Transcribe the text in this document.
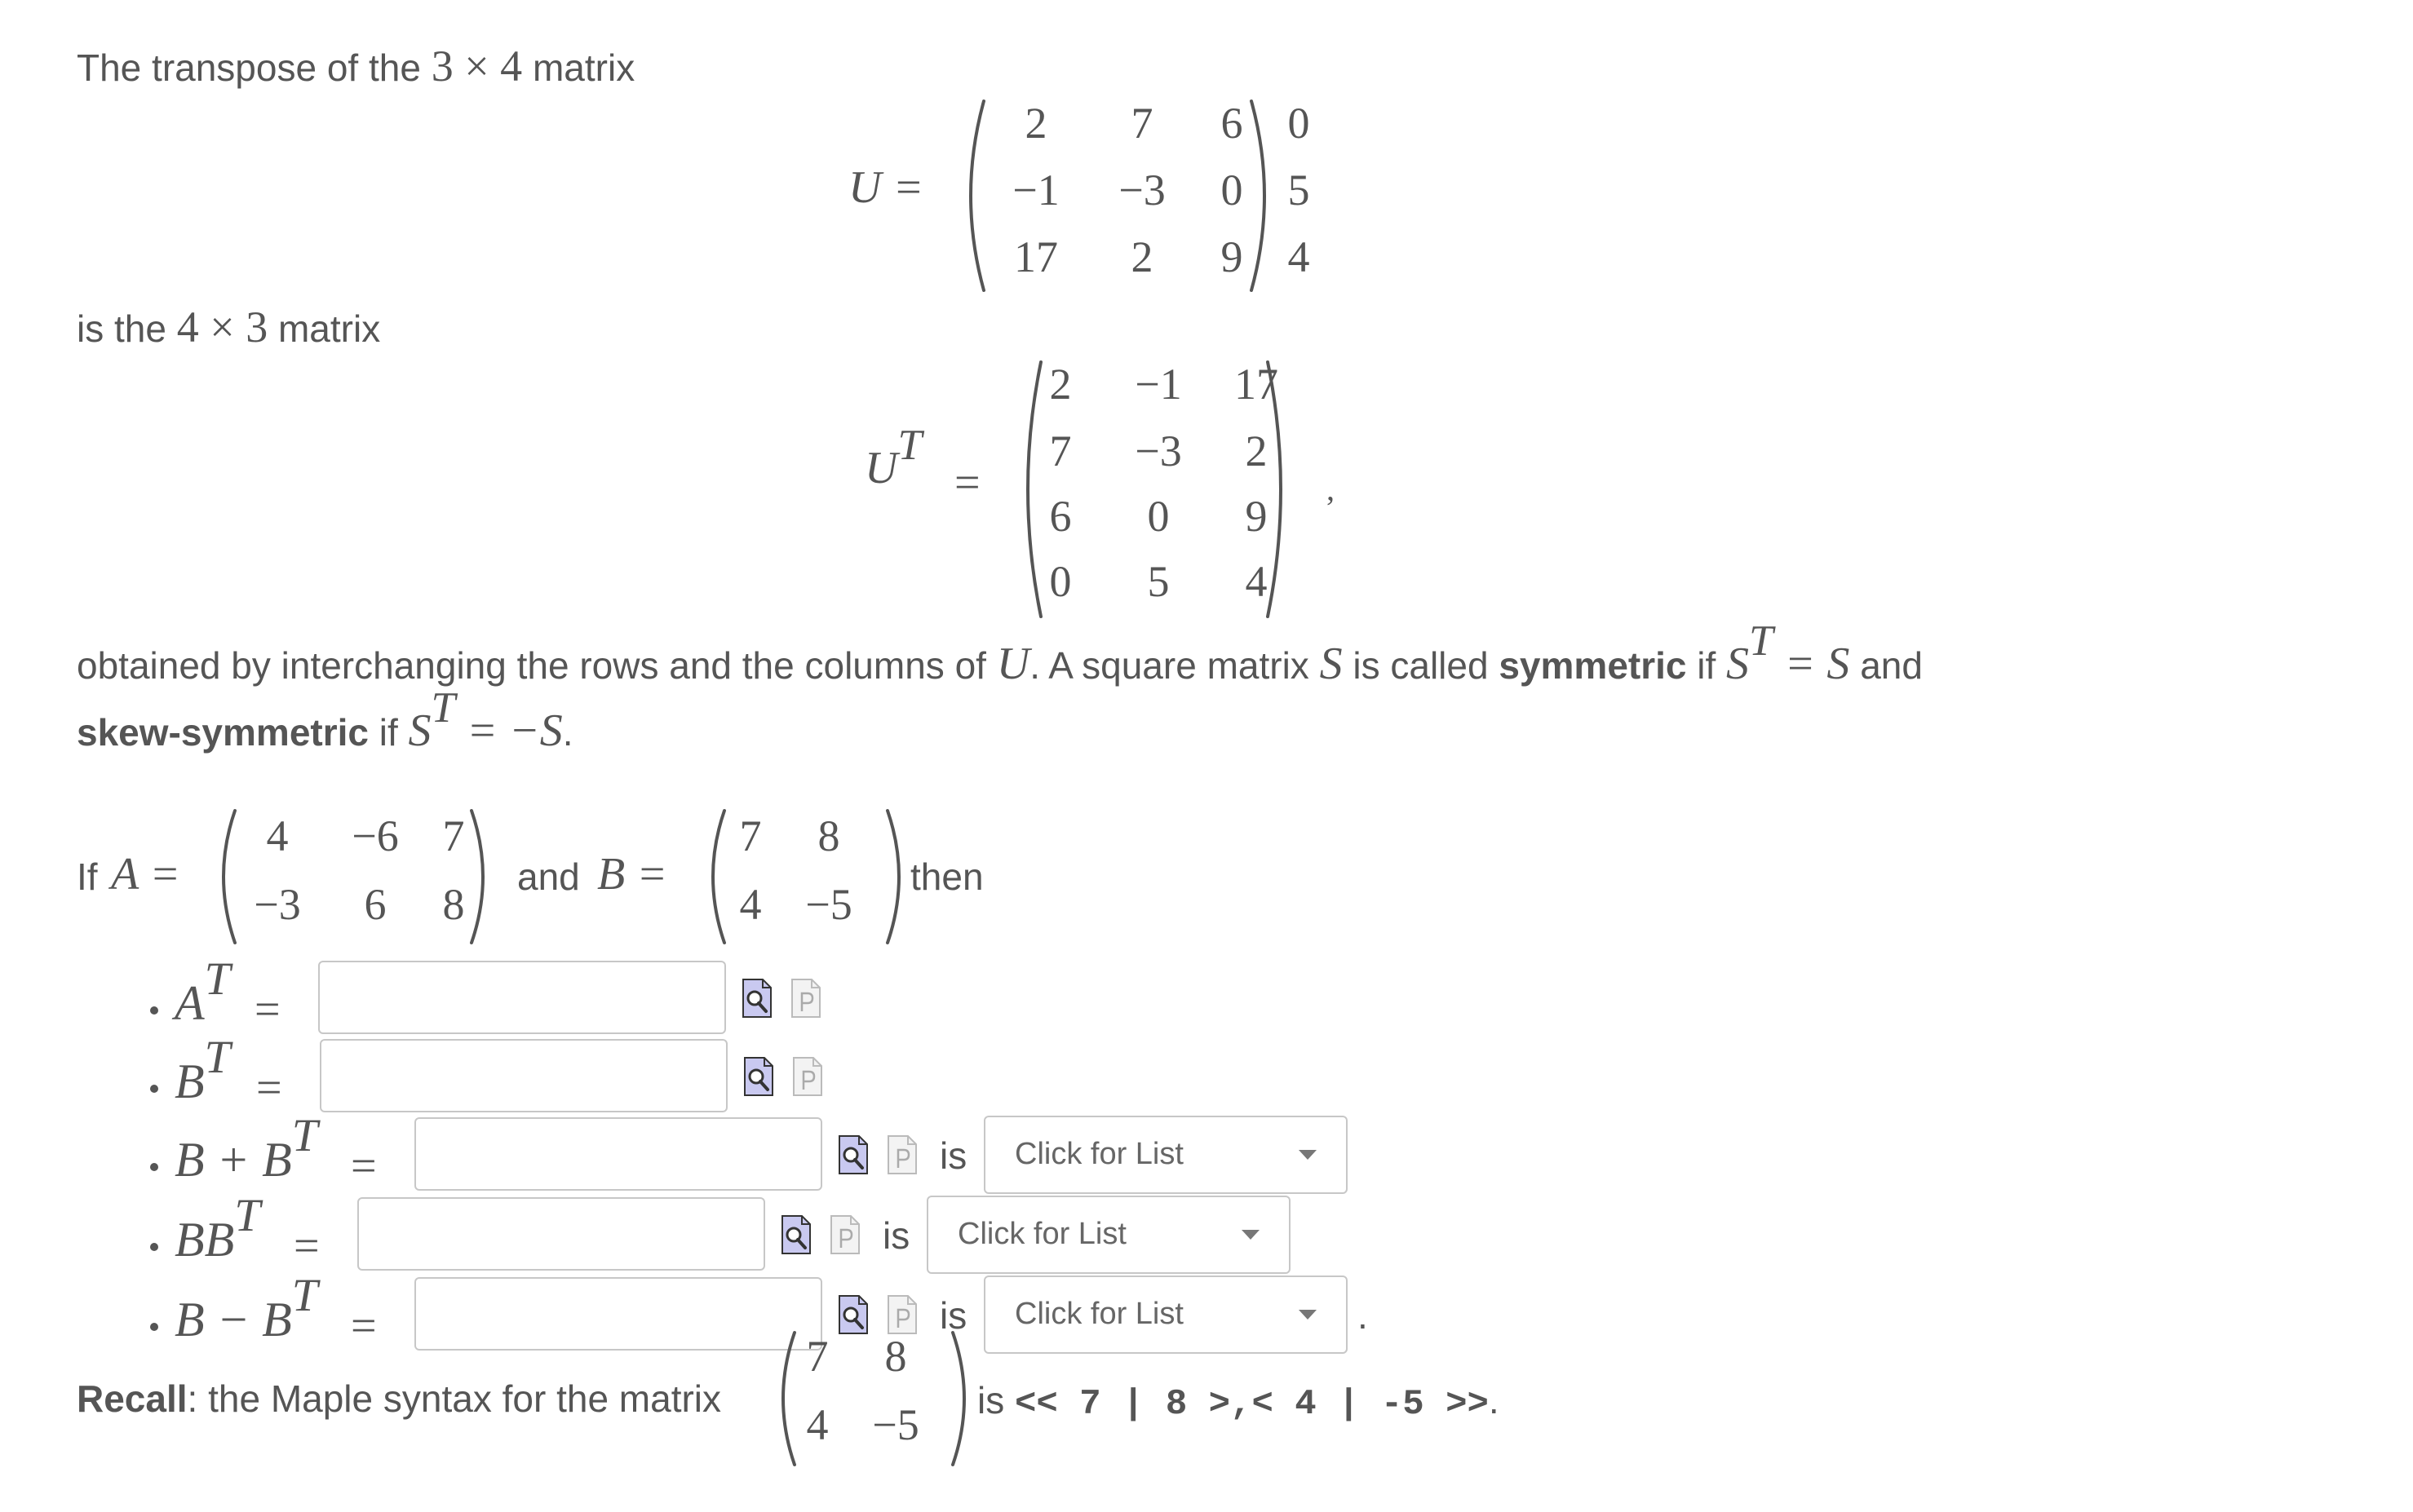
The transpose of the 3 × 4 matrix
U =
2	7	6	0
−1	−3	0	5
17	2	9	4
is the 4 × 3 matrix
UT
=
2	−1	17
7	−3	2
6	0	9
0	5	4
,
obtained by interchanging the rows and the columns of U. A square matrix S is called symmetric if ST = S and
skew-symmetric if ST = −S.
If A =
4	−6 7
−3	6	8
and B =
7	8
4 −5
then
AT
=
BT
=
B + BT
=	is Click for List
BBT
=	is Click for List
B − BT
=	is Click for List	.
Recall: the Maple syntax for the matrix
7	8
4 −5	is << 7 | 8 >,< 4 | -5 >>.
